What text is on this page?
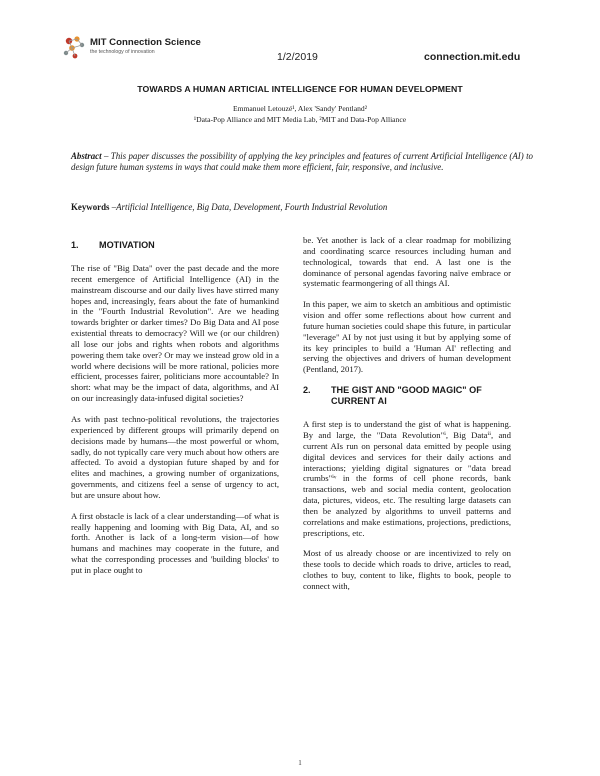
MIT Connection Science
the technology of innovation	1/2/2019	connection.mit.edu
TOWARDS A HUMAN ARTICIAL INTELLIGENCE FOR HUMAN DEVELOPMENT
Emmanuel Letouzé¹, Alex 'Sandy' Pentland²
¹Data-Pop Alliance and MIT Media Lab, ²MIT and Data-Pop Alliance
Abstract – This paper discusses the possibility of applying the key principles and features of current Artificial Intelligence (AI) to design future human systems in ways that could make them more efficient, fair, responsive, and inclusive.
Keywords –Artificial Intelligence, Big Data, Development, Fourth Industrial Revolution
1.	MOTIVATION

The rise of "Big Data" over the past decade and the more recent emergence of Artificial Intelligence (AI) in the mainstream discourse and our daily lives have stirred many hopes and, increasingly, fears about the fate of humankind in the "Fourth Industrial Revolution". Are we heading towards brighter or darker times? Do Big Data and AI pose existential threats to democracy? Will we (or our children) all lose our jobs and rights when robots and algorithms powering them take over? Or may we instead grow old in a world where decisions will be more rational, policies more efficient, processes fairer, politicians more accountable? In short: what may be the impact of data, algorithms, and AI on our increasingly data-infused digital societies?

As with past techno-political revolutions, the trajectories experienced by different groups will primarily depend on decisions made by humans—the most powerful or whom, sadly, do not typically care very much about how others are affected. To avoid a dystopian future shaped by and for elites and machines, a growing number of organizations, governments, and citizens feel a sense of urgency to act, but are unsure about how.

A first obstacle is lack of a clear understanding—of what is really happening and looming with Big Data, AI, and so forth. Another is lack of a long-term vision—of how humans and machines may cooperate in the future, and what the corresponding processes and 'building blocks' to put in place ought to

be. Yet another is lack of a clear roadmap for mobilizing and coordinating scarce resources including human and technological, towards that end. A last one is the dominance of personal agendas favoring naïve embrace or systematic fearmongering of all things AI.

In this paper, we aim to sketch an ambitious and optimistic vision and offer some reflections about how current and future human societies could shape this future, in particular "leverage" AI by not just using it but by applying some of its key principles to build a 'Human AI' reflecting and serving the objectives and drivers of human development (Pentland, 2017).

2.	THE GIST AND "GOOD MAGIC" OF CURRENT AI

A first step is to understand the gist of what is happening. By and large, the "Data Revolution"ⁱ, Big Dataⁱⁱ, and current AIs run on personal data emitted by people using digital devices and services for their daily actions and interactions; yielding digital signatures or "data bread crumbs"ⁱᵛ in the forms of cell phone records, bank transactions, web and social media content, geolocation data, pictures, videos, etc. The resulting large datasets can then be analyzed by algorithms to unveil patterns and correlations and make estimations, projections, predictions, prescriptions, etc.

Most of us already choose or are incentivized to rely on these tools to decide which roads to drive, articles to read, clothes to buy, content to like, flights to book, people to connect with,

1
